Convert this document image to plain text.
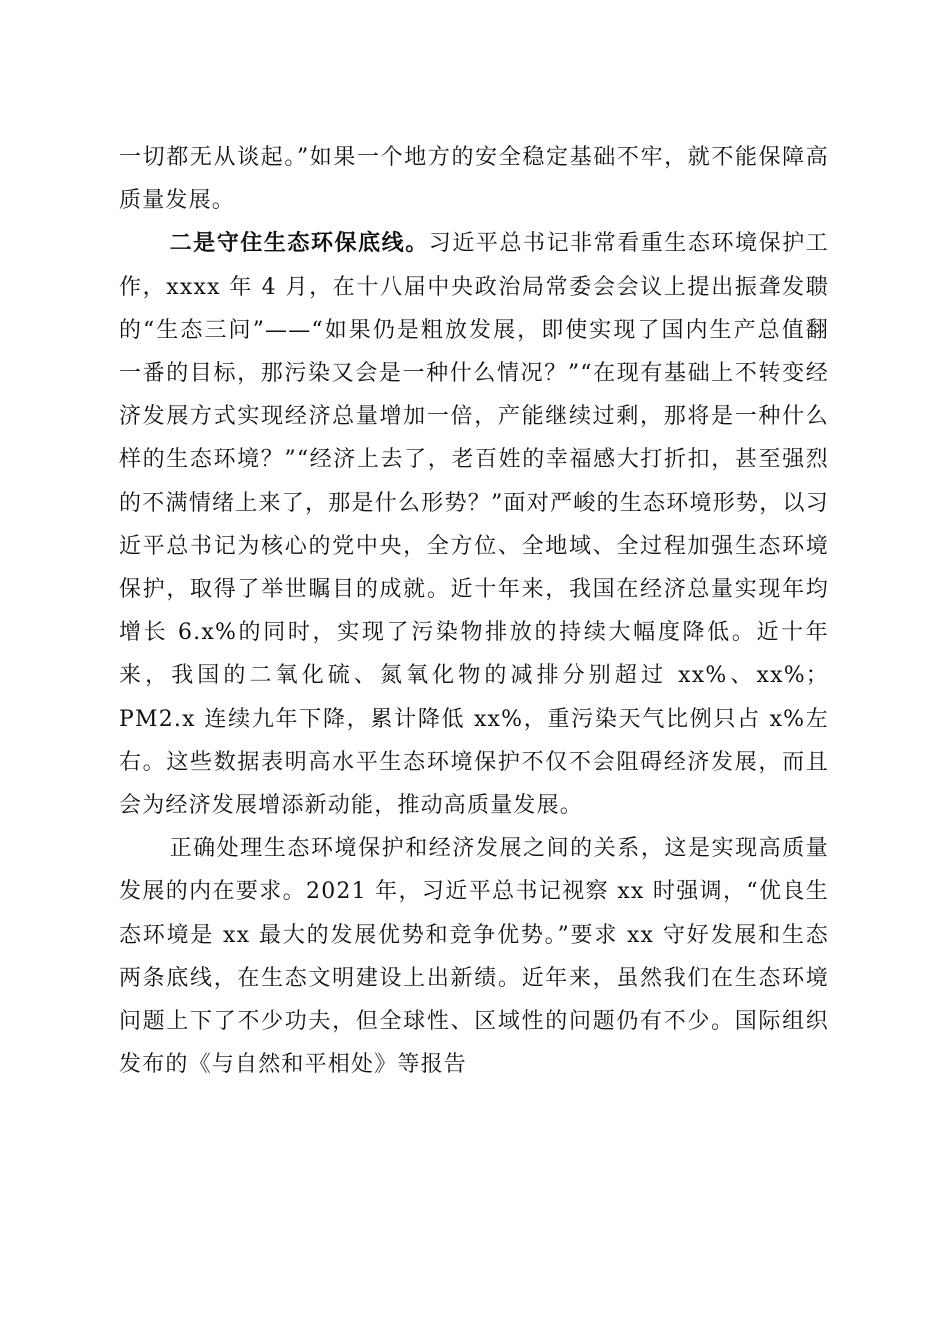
一切都无从谈起。”如果一个地方的安全稳定基础不牢，就不能保障高质量发展。

二是守住生态环保底线。习近平总书记非常看重生态环境保护工作，xxxx 年 4 月，在十八届中央政治局常委会会议上提出振聋发聩的“生态三问”——“如果仍是粗放发展，即使实现了国内生产总值翻一番的目标，那污染又会是一种什么情况？”“在现有基础上不转变经济发展方式实现经济总量增加一倍，产能继续过剩，那将是一种什么样的生态环境？”“经济上去了，老百姓的幸福感大打折扣，甚至强烈的不满情绪上来了，那是什么形势？”面对严峻的生态环境形势，以习近平总书记为核心的党中央，全方位、全地域、全过程加强生态环境保护，取得了举世瞩目的成就。近十年来，我国在经济总量实现年均增长 6.x%的同时，实现了污染物排放的持续大幅度降低。近十年来，我国的二氧化硫、氮氧化物的减排分别超过 xx%、xx%；PM2.x 连续九年下降，累计降低 xx%，重污染天气比例只占 x%左右。这些数据表明高水平生态环境保护不仅不会阻碍经济发展，而且会为经济发展增添新动能，推动高质量发展。

正确处理生态环境保护和经济发展之间的关系，这是实现高质量发展的内在要求。2021 年，习近平总书记视察 xx 时强调，“优良生态环境是 xx 最大的发展优势和竞争优势。”要求 xx 守好发展和生态两条底线，在生态文明建设上出新绩。近年来，虽然我们在生态环境问题上下了不少功夫，但全球性、区域性的问题仍有不少。国际组织发布的《与自然和平相处》等报告
